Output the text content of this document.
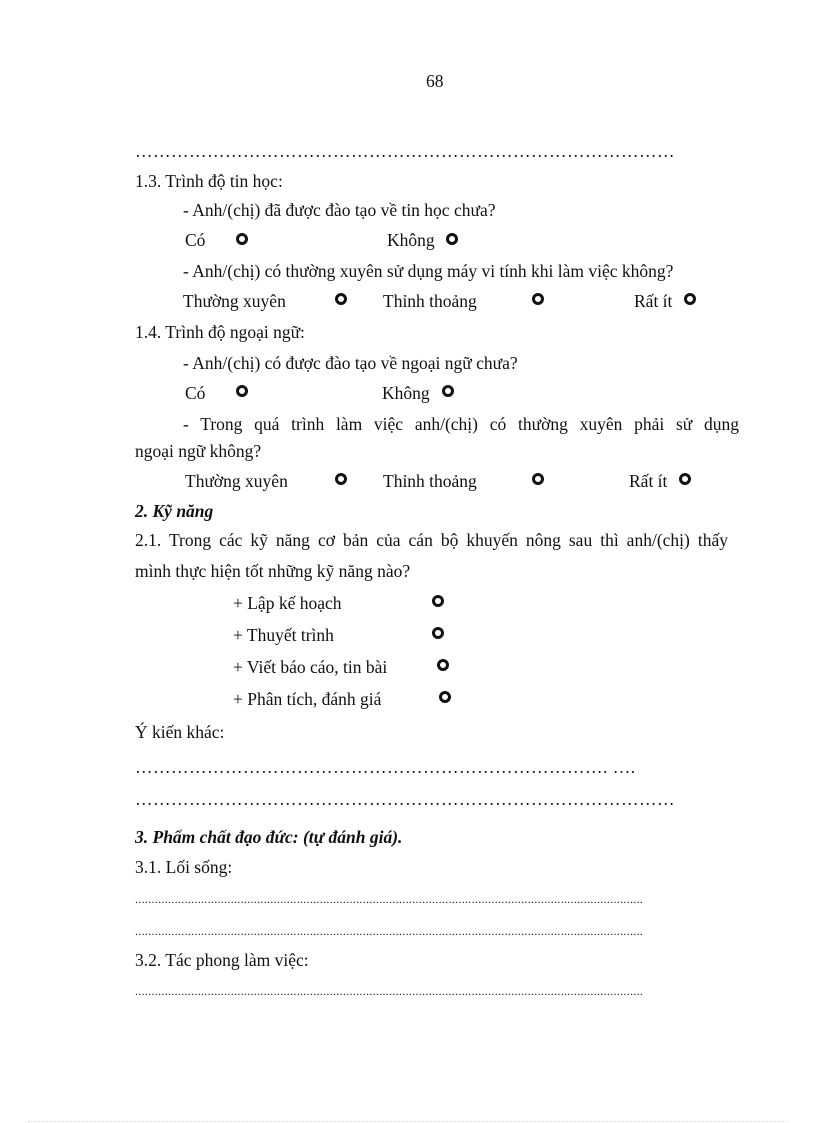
68
………………………………………………………………………………
1.3. Trình độ tin học:
- Anh/(chị) đã được đào tạo về tin học chưa?
Có	Không
- Anh/(chị) có thường xuyên sử dụng máy vi tính khi làm việc không?
Thường xuyên	Thỉnh thoảng	Rất ít
1.4. Trình độ ngoại ngữ:
- Anh/(chị) có được đào tạo về ngoại ngữ chưa?
Có	Không
- Trong quá trình làm việc anh/(chị) có thường xuyên phải sử dụng
ngoại ngữ không?
Thường xuyên	Thỉnh thoảng	Rất ít
2. Kỹ năng
2.1. Trong các kỹ năng cơ bản của cán bộ khuyến nông sau thì anh/(chị) thấy
mình thực hiện tốt những kỹ năng nào?
+ Lập kế hoạch
+ Thuyết trình
+ Viết báo cáo, tin bài
+ Phân tích, đánh giá
Ý kiến khác:
……………………………………………………………………. ….
………………………………………………………………………………
3. Phẩm chất đạo đức: (tự đánh giá).
3.1. Lối sống:
..........................................................................................................................................................
..........................................................................................................................................................
3.2. Tác phong làm việc:
..........................................................................................................................................................
